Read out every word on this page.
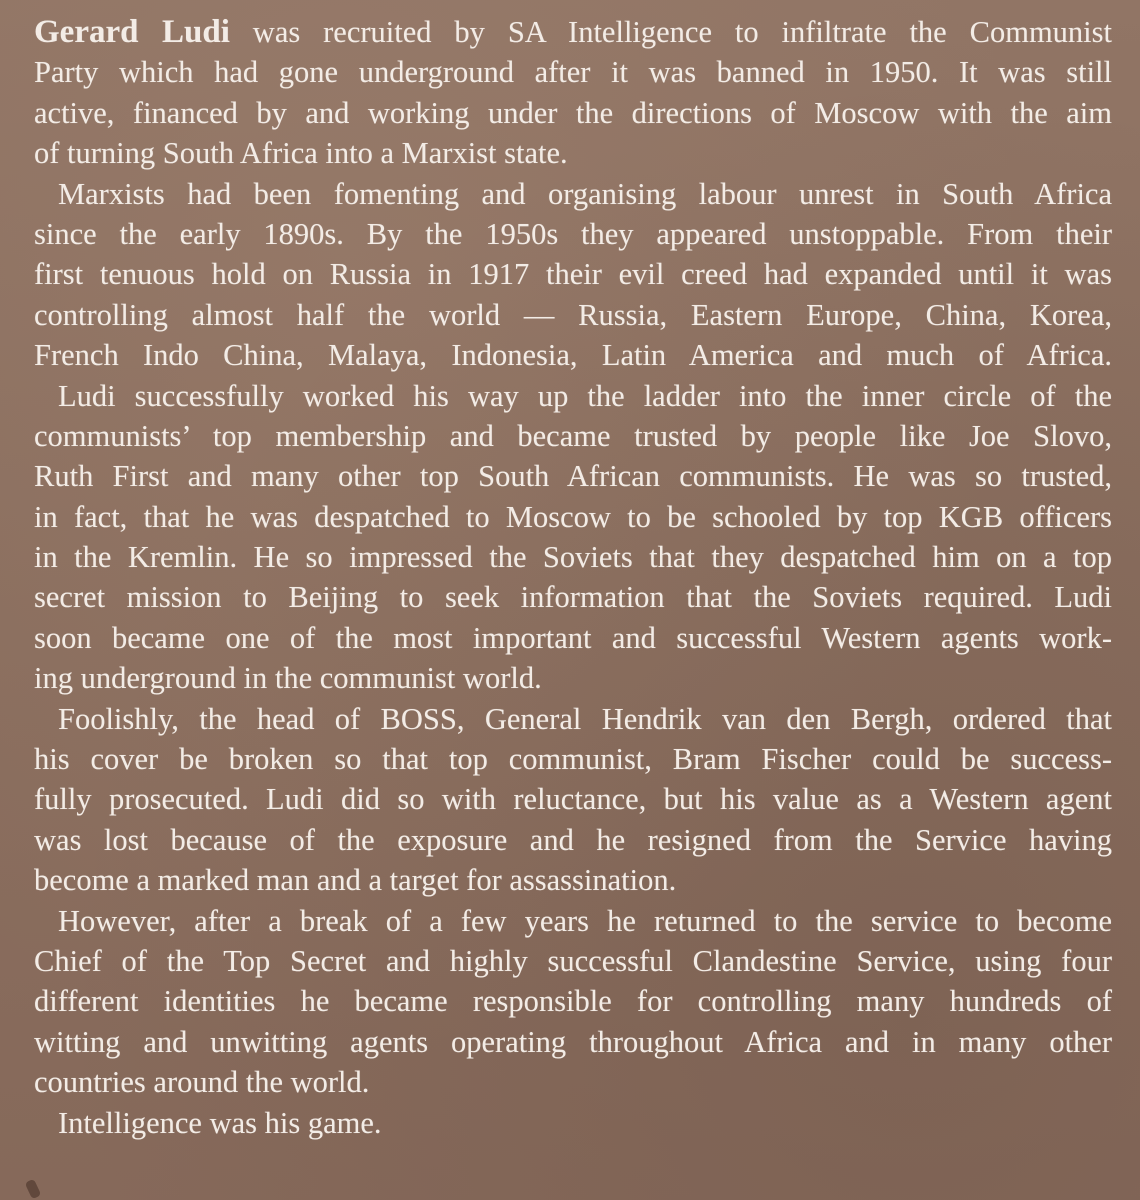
Gerard Ludi was recruited by SA Intelligence to infiltrate the Communist
Party which had gone underground after it was banned in 1950. It was still
active, financed by and working under the directions of Moscow with the aim
of turning South Africa into a Marxist state.
Marxists had been fomenting and organising labour unrest in South Africa
since the early 1890s. By the 1950s they appeared unstoppable. From their
first tenuous hold on Russia in 1917 their evil creed had expanded until it was
controlling almost half the world — Russia, Eastern Europe, China, Korea,
French Indo China, Malaya, Indonesia, Latin America and much of Africa.
Ludi successfully worked his way up the ladder into the inner circle of the
communists’ top membership and became trusted by people like Joe Slovo,
Ruth First and many other top South African communists. He was so trusted,
in fact, that he was despatched to Moscow to be schooled by top KGB officers
in the Kremlin. He so impressed the Soviets that they despatched him on a top
secret mission to Beijing to seek information that the Soviets required. Ludi
soon became one of the most important and successful Western agents work-
ing underground in the communist world.
Foolishly, the head of BOSS, General Hendrik van den Bergh, ordered that
his cover be broken so that top communist, Bram Fischer could be success-
fully prosecuted. Ludi did so with reluctance, but his value as a Western agent
was lost because of the exposure and he resigned from the Service having
become a marked man and a target for assassination.
However, after a break of a few years he returned to the service to become
Chief of the Top Secret and highly successful Clandestine Service, using four
different identities he became responsible for controlling many hundreds of
witting and unwitting agents operating throughout Africa and in many other
countries around the world.
Intelligence was his game.
